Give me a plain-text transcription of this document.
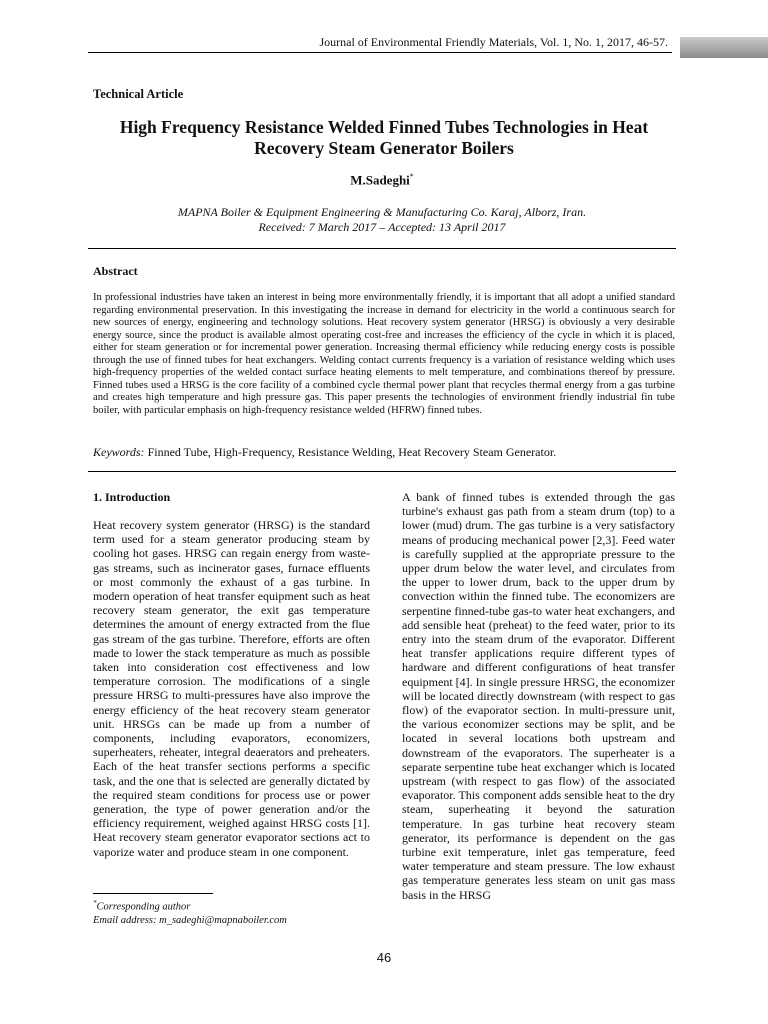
Journal of Environmental Friendly Materials, Vol. 1, No. 1, 2017, 46-57.
Technical Article
High Frequency Resistance Welded Finned Tubes Technologies in Heat Recovery Steam Generator Boilers
M.Sadeghi*
MAPNA Boiler & Equipment Engineering & Manufacturing Co. Karaj, Alborz, Iran.
Received: 7 March 2017 – Accepted: 13 April 2017
Abstract
In professional industries have taken an interest in being more environmentally friendly, it is important that all adopt a unified standard regarding environmental preservation. In this investigating the increase in demand for electricity in the world a continuous search for new sources of energy, engineering and technology solutions. Heat recovery system generator (HRSG) is obviously a very desirable energy source, since the product is available almost operating cost-free and increases the efficiency of the cycle in which it is placed, either for steam generation or for incremental power generation. Increasing thermal efficiency while reducing energy costs is possible through the use of finned tubes for heat exchangers. Welding contact currents frequency is a variation of resistance welding which uses high-frequency properties of the welded contact surface heating elements to melt temperature, and combinations thereof by pressure. Finned tubes used a HRSG is the core facility of a combined cycle thermal power plant that recycles thermal energy from a gas turbine and creates high temperature and high pressure gas. This paper presents the technologies of environment friendly industrial fin tube boiler, with particular emphasis on high-frequency resistance welded (HFRW) finned tubes.
Keywords: Finned Tube, High-Frequency, Resistance Welding, Heat Recovery Steam Generator.
1. Introduction
Heat recovery system generator (HRSG) is the standard term used for a steam generator producing steam by cooling hot gases. HRSG can regain energy from waste-gas streams, such as incinerator gases, furnace effluents or most commonly the exhaust of a gas turbine. In modern operation of heat transfer equipment such as heat recovery steam generator, the exit gas temperature determines the amount of energy extracted from the flue gas stream of the gas turbine. Therefore, efforts are often made to lower the stack temperature as much as possible taken into consideration cost effectiveness and low temperature corrosion. The modifications of a single pressure HRSG to multi-pressures have also improve the energy efficiency of the heat recovery steam generator unit. HRSGs can be made up from a number of components, including evaporators, economizers, superheaters, reheater, integral deaerators and preheaters. Each of the heat transfer sections performs a specific task, and the one that is selected are generally dictated by the required steam conditions for process use or power generation, the type of power generation and/or the efficiency requirement, weighed against HRSG costs [1]. Heat recovery steam generator evaporator sections act to vaporize water and produce steam in one component.
A bank of finned tubes is extended through the gas turbine's exhaust gas path from a steam drum (top) to a lower (mud) drum. The gas turbine is a very satisfactory means of producing mechanical power [2,3]. Feed water is carefully supplied at the appropriate pressure to the upper drum below the water level, and circulates from the upper to lower drum, back to the upper drum by convection within the finned tube. The economizers are serpentine finned-tube gas-to water heat exchangers, and add sensible heat (preheat) to the feed water, prior to its entry into the steam drum of the evaporator. Different heat transfer applications require different types of hardware and different configurations of heat transfer equipment [4]. In single pressure HRSG, the economizer will be located directly downstream (with respect to gas flow) of the evaporator section. In multi-pressure unit, the various economizer sections may be split, and be located in several locations both upstream and downstream of the evaporators. The superheater is a separate serpentine tube heat exchanger which is located upstream (with respect to gas flow) of the associated evaporator. This component adds sensible heat to the dry steam, superheating it beyond the saturation temperature. In gas turbine heat recovery steam generator, its performance is dependent on the gas turbine exit temperature, inlet gas temperature, feed water temperature and steam pressure. The low exhaust gas temperature generates less steam on unit gas mass basis in the HRSG
*Corresponding author
Email address: m_sadeghi@mapnaboiler.com
46
